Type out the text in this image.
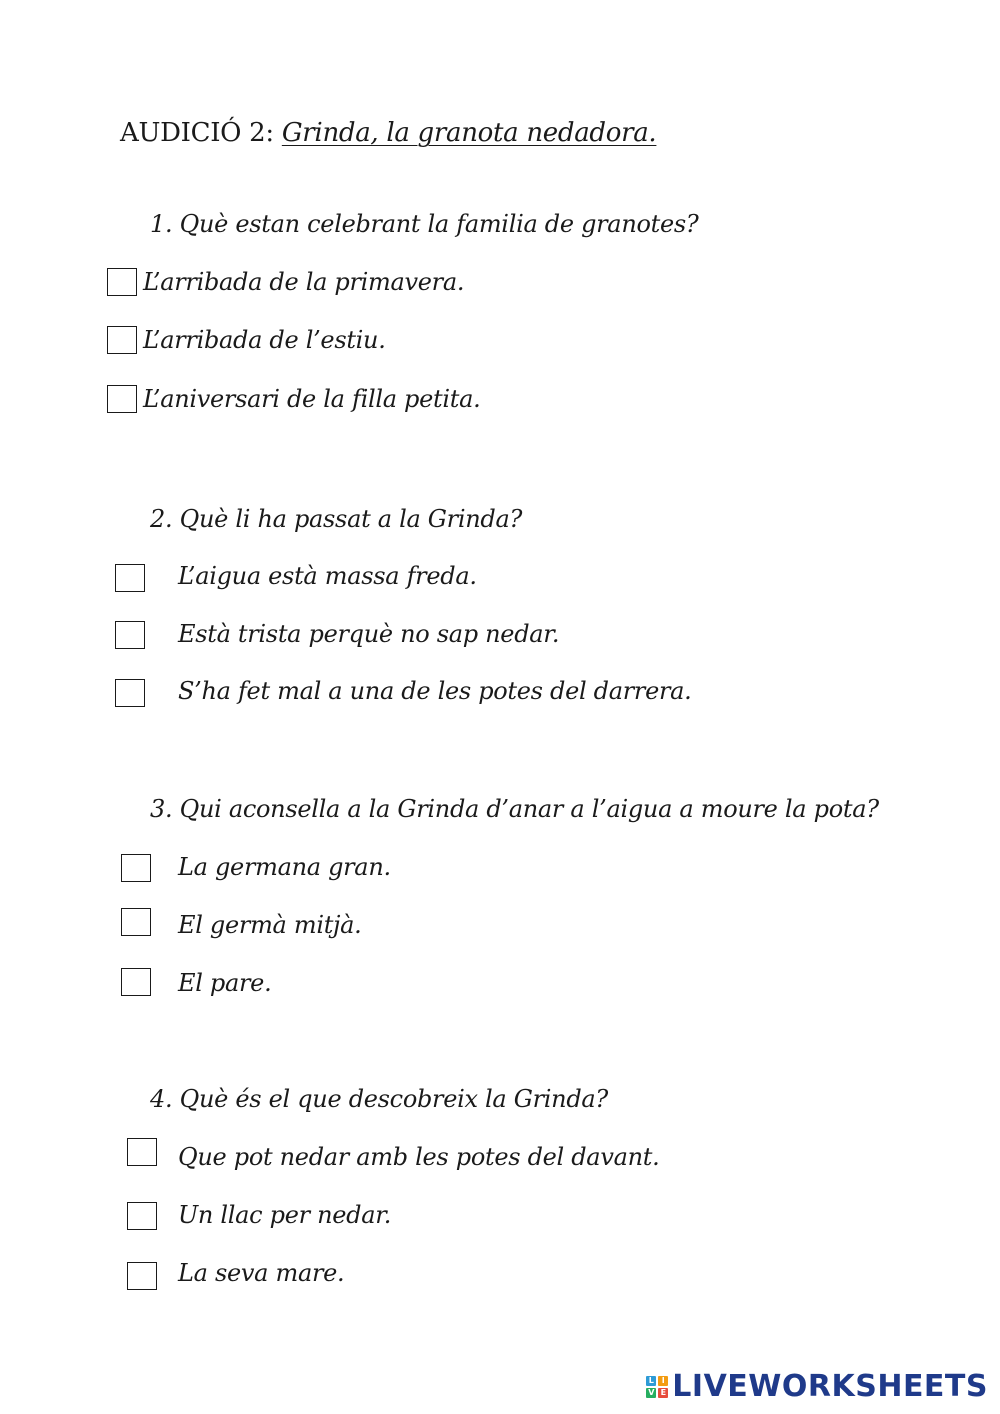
AUDICIÓ 2: Grinda, la granota nedadora.
1. Què estan celebrant la familia de granotes?
L’arribada de la primavera.
L’arribada de l’estiu.
L’aniversari de la filla petita.
2. Què li ha passat a la Grinda?
L’aigua està massa freda.
Està trista perquè no sap nedar.
S’ha fet mal a una de les potes del darrera.
3. Qui aconsella a la Grinda d’anar a l’aigua a moure la pota?
La germana gran.
El germà mitjà.
El pare.
4. Què és el que descobreix la Grinda?
Que pot nedar amb les potes del davant.
Un llac per nedar.
La seva mare.
L I
V E LIVEWORKSHEETS
